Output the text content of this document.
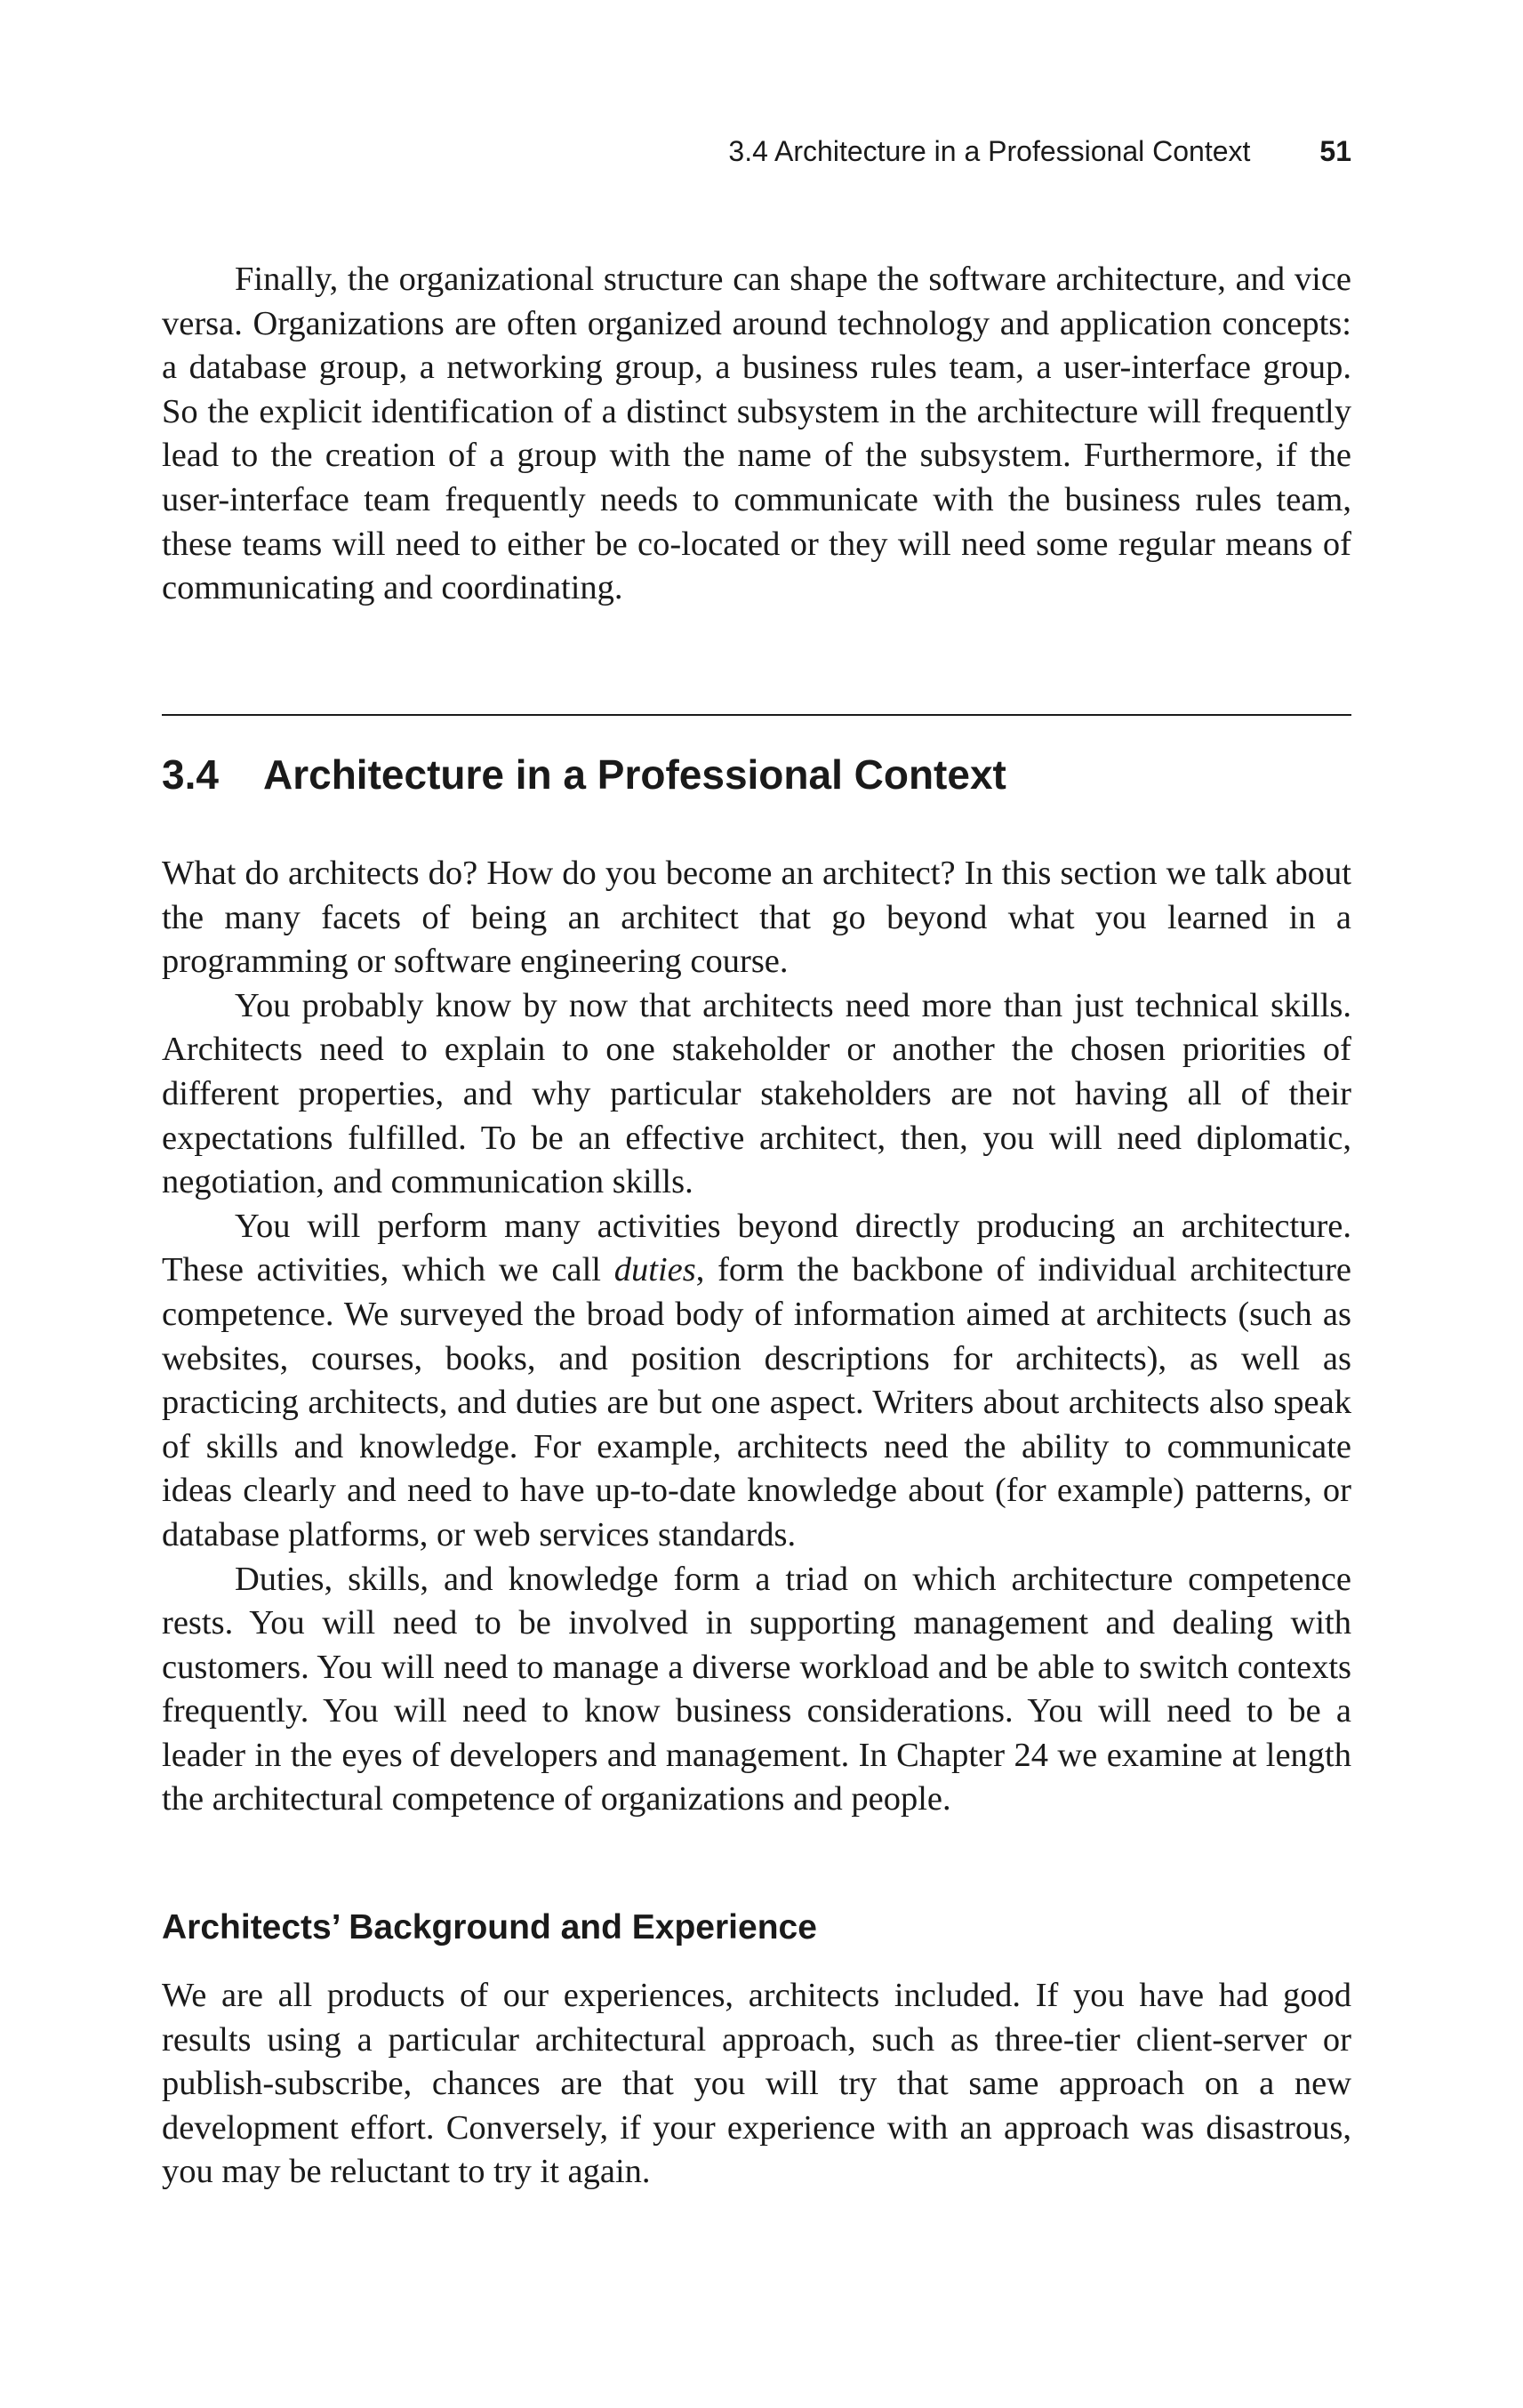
3.4 Architecture in a Professional Context 51

Finally, the organizational structure can shape the software architecture, and vice versa. Organizations are often organized around technology and application concepts: a database group, a networking group, a business rules team, a user-interface group. So the explicit identification of a distinct subsystem in the architecture will frequently lead to the creation of a group with the name of the subsystem. Furthermore, if the user-interface team frequently needs to communicate with the business rules team, these teams will need to either be co-located or they will need some regular means of communicating and coordinating.

3.4 Architecture in a Professional Context

What do architects do? How do you become an architect? In this section we talk about the many facets of being an architect that go beyond what you learned in a programming or software engineering course.

You probably know by now that architects need more than just technical skills. Architects need to explain to one stakeholder or another the chosen priorities of different properties, and why particular stakeholders are not having all of their expectations fulfilled. To be an effective architect, then, you will need diplomatic, negotiation, and communication skills.

You will perform many activities beyond directly producing an architecture. These activities, which we call duties, form the backbone of individual architecture competence. We surveyed the broad body of information aimed at architects (such as websites, courses, books, and position descriptions for architects), as well as practicing architects, and duties are but one aspect. Writers about architects also speak of skills and knowledge. For example, architects need the ability to communicate ideas clearly and need to have up-to-date knowledge about (for example) patterns, or database platforms, or web services standards.

Duties, skills, and knowledge form a triad on which architecture competence rests. You will need to be involved in supporting management and dealing with customers. You will need to manage a diverse workload and be able to switch contexts frequently. You will need to know business considerations. You will need to be a leader in the eyes of developers and management. In Chapter 24 we examine at length the architectural competence of organizations and people.

Architects’ Background and Experience

We are all products of our experiences, architects included. If you have had good results using a particular architectural approach, such as three-tier client-server or publish-subscribe, chances are that you will try that same approach on a new development effort. Conversely, if your experience with an approach was disastrous, you may be reluctant to try it again.
